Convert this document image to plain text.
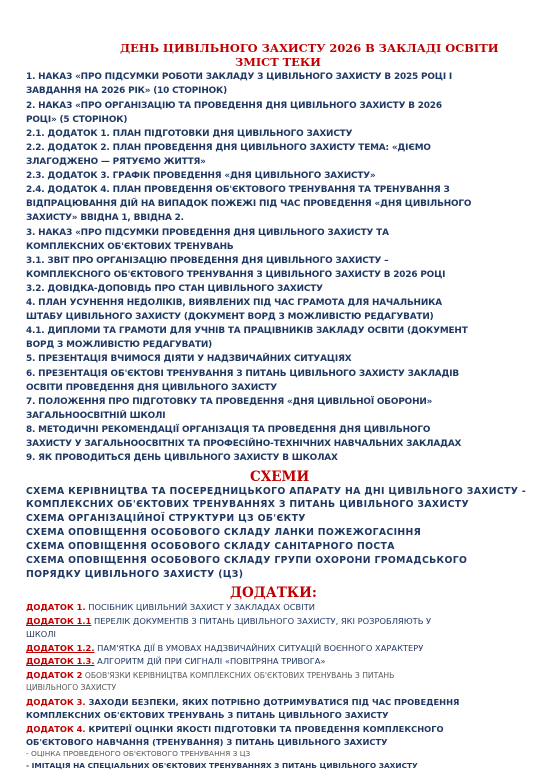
ДЕНЬ ЦИВІЛЬНОГО ЗАХИСТУ 2026 В ЗАКЛАДІ ОСВІТИ
ЗМІСТ ТЕКИ
1. НАКАЗ «ПРО ПІДСУМКИ РОБОТИ ЗАКЛАДУ З ЦИВІЛЬНОГО ЗАХИСТУ В 2025 РОЦІ І
ЗАВДАННЯ НА 2026 РІК» (10 СТОРІНОК)
2. НАКАЗ «ПРО ОРГАНІЗАЦІЮ ТА ПРОВЕДЕННЯ ДНЯ ЦИВІЛЬНОГО ЗАХИСТУ В 2026
РОЦІ» (5 СТОРІНОК)
2.1. ДОДАТОК 1. ПЛАН ПІДГОТОВКИ ДНЯ ЦИВІЛЬНОГО ЗАХИСТУ
2.2. ДОДАТОК 2. ПЛАН ПРОВЕДЕННЯ ДНЯ ЦИВІЛЬНОГО ЗАХИСТУ ТЕМА: «ДІЄМО
ЗЛАГОДЖЕНО — РЯТУЄМО ЖИТТЯ»
2.3. ДОДАТОК 3. ГРАФІК ПРОВЕДЕННЯ «ДНЯ ЦИВІЛЬНОГО ЗАХИСТУ»
2.4. ДОДАТОК 4. ПЛАН ПРОВЕДЕННЯ ОБ'ЄКТОВОГО ТРЕНУВАННЯ ТА ТРЕНУВАННЯ З
ВІДПРАЦЮВАННЯ ДІЙ НА ВИПАДОК ПОЖЕЖІ ПІД ЧАС ПРОВЕДЕННЯ «ДНЯ ЦИВІЛЬНОГО
ЗАХИСТУ» ВВІДНА 1, ВВІДНА 2.
3. НАКАЗ «ПРО ПІДСУМКИ ПРОВЕДЕННЯ ДНЯ ЦИВІЛЬНОГО ЗАХИСТУ ТА
КОМПЛЕКСНИХ ОБ'ЄКТОВИХ ТРЕНУВАНЬ
3.1. ЗВІТ ПРО ОРГАНІЗАЦІЮ ПРОВЕДЕННЯ ДНЯ ЦИВІЛЬНОГО ЗАХИСТУ –
КОМПЛЕКСНОГО ОБ'ЄКТОВОГО ТРЕНУВАННЯ З ЦИВІЛЬНОГО ЗАХИСТУ В 2026 РОЦІ
3.2. ДОВІДКА-ДОПОВІДЬ ПРО СТАН ЦИВІЛЬНОГО ЗАХИСТУ
4. ПЛАН УСУНЕННЯ НЕДОЛІКІВ, ВИЯВЛЕНИХ ПІД ЧАС ГРАМОТА ДЛЯ НАЧАЛЬНИКА
ШТАБУ ЦИВІЛЬНОГО ЗАХИСТУ (ДОКУМЕНТ ВОРД З МОЖЛИВІСТЮ РЕДАГУВАТИ)
4.1. ДИПЛОМИ ТА ГРАМОТИ ДЛЯ УЧНІВ ТА ПРАЦІВНИКІВ ЗАКЛАДУ ОСВІТИ (ДОКУМЕНТ
ВОРД З МОЖЛИВІСТЮ РЕДАГУВАТИ)
5. ПРЕЗЕНТАЦІЯ ВЧИМОСЯ ДІЯТИ У НАДЗВИЧАЙНИХ СИТУАЦІЯХ
6. ПРЕЗЕНТАЦІЯ ОБ'ЄКТОВІ ТРЕНУВАННЯ З ПИТАНЬ ЦИВІЛЬНОГО ЗАХИСТУ ЗАКЛАДІВ
ОСВІТИ ПРОВЕДЕННЯ ДНЯ ЦИВІЛЬНОГО ЗАХИСТУ
7. ПОЛОЖЕННЯ ПРО ПІДГОТОВКУ ТА ПРОВЕДЕННЯ «ДНЯ ЦИВІЛЬНОЇ ОБОРОНИ»
ЗАГАЛЬНООСВІТНІЙ ШКОЛІ
8. МЕТОДИЧНІ РЕКОМЕНДАЦІЇ ОРГАНІЗАЦІЯ ТА ПРОВЕДЕННЯ ДНЯ ЦИВІЛЬНОГО
ЗАХИСТУ У ЗАГАЛЬНООСВІТНІХ ТА ПРОФЕСІЙНО-ТЕХНІЧНИХ НАВЧАЛЬНИХ ЗАКЛАДАХ
9. ЯК ПРОВОДИТЬСЯ ДЕНЬ ЦИВІЛЬНОГО ЗАХИСТУ В ШКОЛАХ
СХЕМИ
СХЕМА КЕРІВНИЦТВА ТА ПОСЕРЕДНИЦЬКОГО АПАРАТУ НА ДНІ ЦИВІЛЬНОГО ЗАХИСТУ -
КОМПЛЕКСНИХ ОБ'ЄКТОВИХ ТРЕНУВАННЯХ З ПИТАНЬ ЦИВІЛЬНОГО ЗАХИСТУ
СХЕМА ОРГАНІЗАЦІЙНОЇ СТРУКТУРИ ЦЗ ОБ'ЄКТУ
СХЕМА ОПОВІЩЕННЯ ОСОБОВОГО СКЛАДУ ЛАНКИ ПОЖЕЖОГАСІННЯ
СХЕМА ОПОВІЩЕННЯ ОСОБОВОГО СКЛАДУ САНІТАРНОГО ПОСТА
СХЕМА ОПОВІЩЕННЯ ОСОБОВОГО СКЛАДУ ГРУПИ ОХОРОНИ ГРОМАДСЬКОГО
ПОРЯДКУ ЦИВІЛЬНОГО ЗАХИСТУ (ЦЗ)
ДОДАТКИ:
ДОДАТОК 1. ПОСІБНИК ЦИВІЛЬНИЙ ЗАХИСТ У ЗАКЛАДАХ ОСВІТИ
ДОДАТОК 1.1 ПЕРЕЛІК ДОКУМЕНТІВ З ПИТАНЬ ЦИВІЛЬНОГО ЗАХИСТУ, ЯКІ РОЗРОБЛЯЮТЬ У
ШКОЛІ
ДОДАТОК 1.2. ПАМ'ЯТКА ДІЇ В УМОВАХ НАДЗВИЧАЙНИХ СИТУАЦІЙ ВОЄННОГО ХАРАКТЕРУ
ДОДАТОК 1.3. АЛГОРИТМ ДІЙ ПРИ СИГНАЛІ «ПОВІТРЯНА ТРИВОГА»
ДОДАТОК 2 ОБОВ'ЯЗКИ КЕРІВНИЦТВА КОМПЛЕКСНИХ ОБ'ЄКТОВИХ ТРЕНУВАНЬ З ПИТАНЬ
ЦИВІЛЬНОГО ЗАХИСТУ
ДОДАТОК 3. ЗАХОДИ БЕЗПЕКИ, ЯКИХ ПОТРІБНО ДОТРИМУВАТИСЯ ПІД ЧАС ПРОВЕДЕННЯ
КОМПЛЕКСНИХ ОБ'ЄКТОВИХ ТРЕНУВАНЬ З ПИТАНЬ ЦИВІЛЬНОГО ЗАХИСТУ
ДОДАТОК 4. КРИТЕРІЇ ОЦІНКИ ЯКОСТІ ПІДГОТОВКИ ТА ПРОВЕДЕННЯ КОМПЛЕКСНОГО
ОБ'ЄКТОВОГО НАВЧАННЯ (ТРЕНУВАННЯ) З ПИТАНЬ ЦИВІЛЬНОГО ЗАХИСТУ
- ОЦІНКА ПРОВЕДЕНОГО ОБ'ЄКТОВОГО ТРЕНУВАННЯ З ЦЗ
- ІМІТАЦІЯ НА СПЕЦІАЛЬНИХ ОБ'ЄКТОВИХ ТРЕНУВАННЯХ З ПИТАНЬ ЦИВІЛЬНОГО ЗАХИСТУ
